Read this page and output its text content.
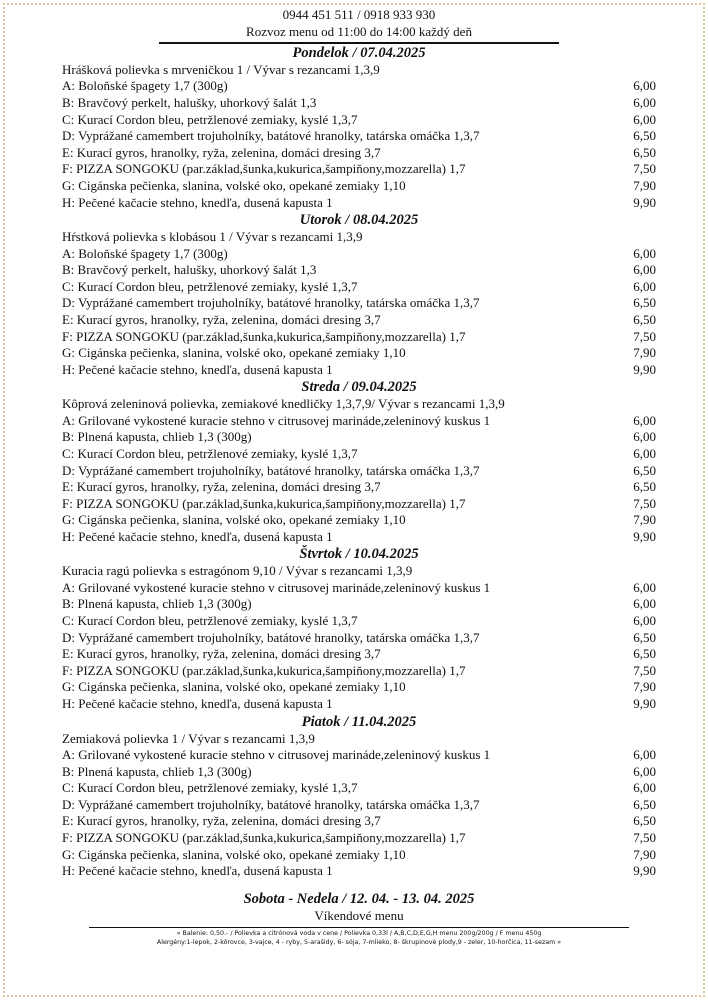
0944 451 511 / 0918 933 930
Rozvoz menu od 11:00 do 14:00 každý deň
Pondelok / 07.04.2025
Hrášková polievka s mrveničkou 1 / Vývar s rezancami 1,3,9
A: Boloňské špagety 1,7 (300g)	6,00
B: Bravčový perkelt, halušky, uhorkový šalát 1,3	6,00
C: Kurací Cordon bleu, petržlenové zemiaky, kyslé 1,3,7	6,00
D: Vyprážané camembert trojuholníky, batátové hranolky, tatárska omáčka 1,3,7	6,50
E: Kurací gyros, hranolky, ryža, zelenina, domáci dresing 3,7	6,50
F: PIZZA SONGOKU (par.základ,šunka,kukurica,šampiňony,mozzarella) 1,7	7,50
G: Cigánska pečienka, slanina, volské oko, opekané zemiaky 1,10	7,90
H: Pečené kačacie stehno, knedľa, dusená kapusta 1	9,90
Utorok / 08.04.2025
Hŕstková polievka s klobásou 1 / Vývar s rezancami 1,3,9
A: Boloňské špagety 1,7 (300g)	6,00
B: Bravčový perkelt, halušky, uhorkový šalát 1,3	6,00
C: Kurací Cordon bleu, petržlenové zemiaky, kyslé 1,3,7	6,00
D: Vyprážané camembert trojuholníky, batátové hranolky, tatárska omáčka 1,3,7	6,50
E: Kurací gyros, hranolky, ryža, zelenina, domáci dresing 3,7	6,50
F: PIZZA SONGOKU (par.základ,šunka,kukurica,šampiňony,mozzarella) 1,7	7,50
G: Cigánska pečienka, slanina, volské oko, opekané zemiaky 1,10	7,90
H: Pečené kačacie stehno, knedľa, dusená kapusta 1	9,90
Streda / 09.04.2025
Kôprová zeleninová polievka, zemiakové knedličky 1,3,7,9/ Vývar s rezancami 1,3,9
A: Grilované vykostené kuracie stehno v citrusovej marináde,zeleninový kuskus 1	6,00
B: Plnená kapusta, chlieb 1,3 (300g)	6,00
C: Kurací Cordon bleu, petržlenové zemiaky, kyslé 1,3,7	6,00
D: Vyprážané camembert trojuholníky, batátové hranolky, tatárska omáčka 1,3,7	6,50
E: Kurací gyros, hranolky, ryža, zelenina, domáci dresing 3,7	6,50
F: PIZZA SONGOKU (par.základ,šunka,kukurica,šampiňony,mozzarella) 1,7	7,50
G: Cigánska pečienka, slanina, volské oko, opekané zemiaky 1,10	7,90
H: Pečené kačacie stehno, knedľa, dusená kapusta 1	9,90
Štvrtok / 10.04.2025
Kuracia ragú polievka s estragónom 9,10 / Vývar s rezancami 1,3,9
A: Grilované vykostené kuracie stehno v citrusovej marináde,zeleninový kuskus 1	6,00
B: Plnená kapusta, chlieb 1,3 (300g)	6,00
C: Kurací Cordon bleu, petržlenové zemiaky, kyslé 1,3,7	6,00
D: Vyprážané camembert trojuholníky, batátové hranolky, tatárska omáčka 1,3,7	6,50
E: Kurací gyros, hranolky, ryža, zelenina, domáci dresing 3,7	6,50
F: PIZZA SONGOKU (par.základ,šunka,kukurica,šampiňony,mozzarella) 1,7	7,50
G: Cigánska pečienka, slanina, volské oko, opekané zemiaky 1,10	7,90
H: Pečené kačacie stehno, knedľa, dusená kapusta 1	9,90
Piatok / 11.04.2025
Zemiaková polievka 1 / Vývar s rezancami 1,3,9
A: Grilované vykostené kuracie stehno v citrusovej marináde,zeleninový kuskus 1	6,00
B: Plnená kapusta, chlieb 1,3 (300g)	6,00
C: Kurací Cordon bleu, petržlenové zemiaky, kyslé 1,3,7	6,00
D: Vyprážané camembert trojuholníky, batátové hranolky, tatárska omáčka 1,3,7	6,50
E: Kurací gyros, hranolky, ryža, zelenina, domáci dresing 3,7	6,50
F: PIZZA SONGOKU (par.základ,šunka,kukurica,šampiňony,mozzarella) 1,7	7,50
G: Cigánska pečienka, slanina, volské oko, opekané zemiaky 1,10	7,90
H: Pečené kačacie stehno, knedľa, dusená kapusta 1	9,90
Sobota - Nedela / 12. 04. - 13. 04. 2025
Víkendové menu
« Balenie: 0,50.- / Polievka a citrónová voda v cene / Polievka 0,33l / A,B,C,D,E,G,H menu 200g/200g / F menu 450g
Alergény:1-lepok, 2-kôrovce, 3-vajce, 4 - ryby, 5-arašidy, 6- sója, 7-mlieko, 8- škrupinové plody,9 - zeler, 10-horčica, 11-sezam »
